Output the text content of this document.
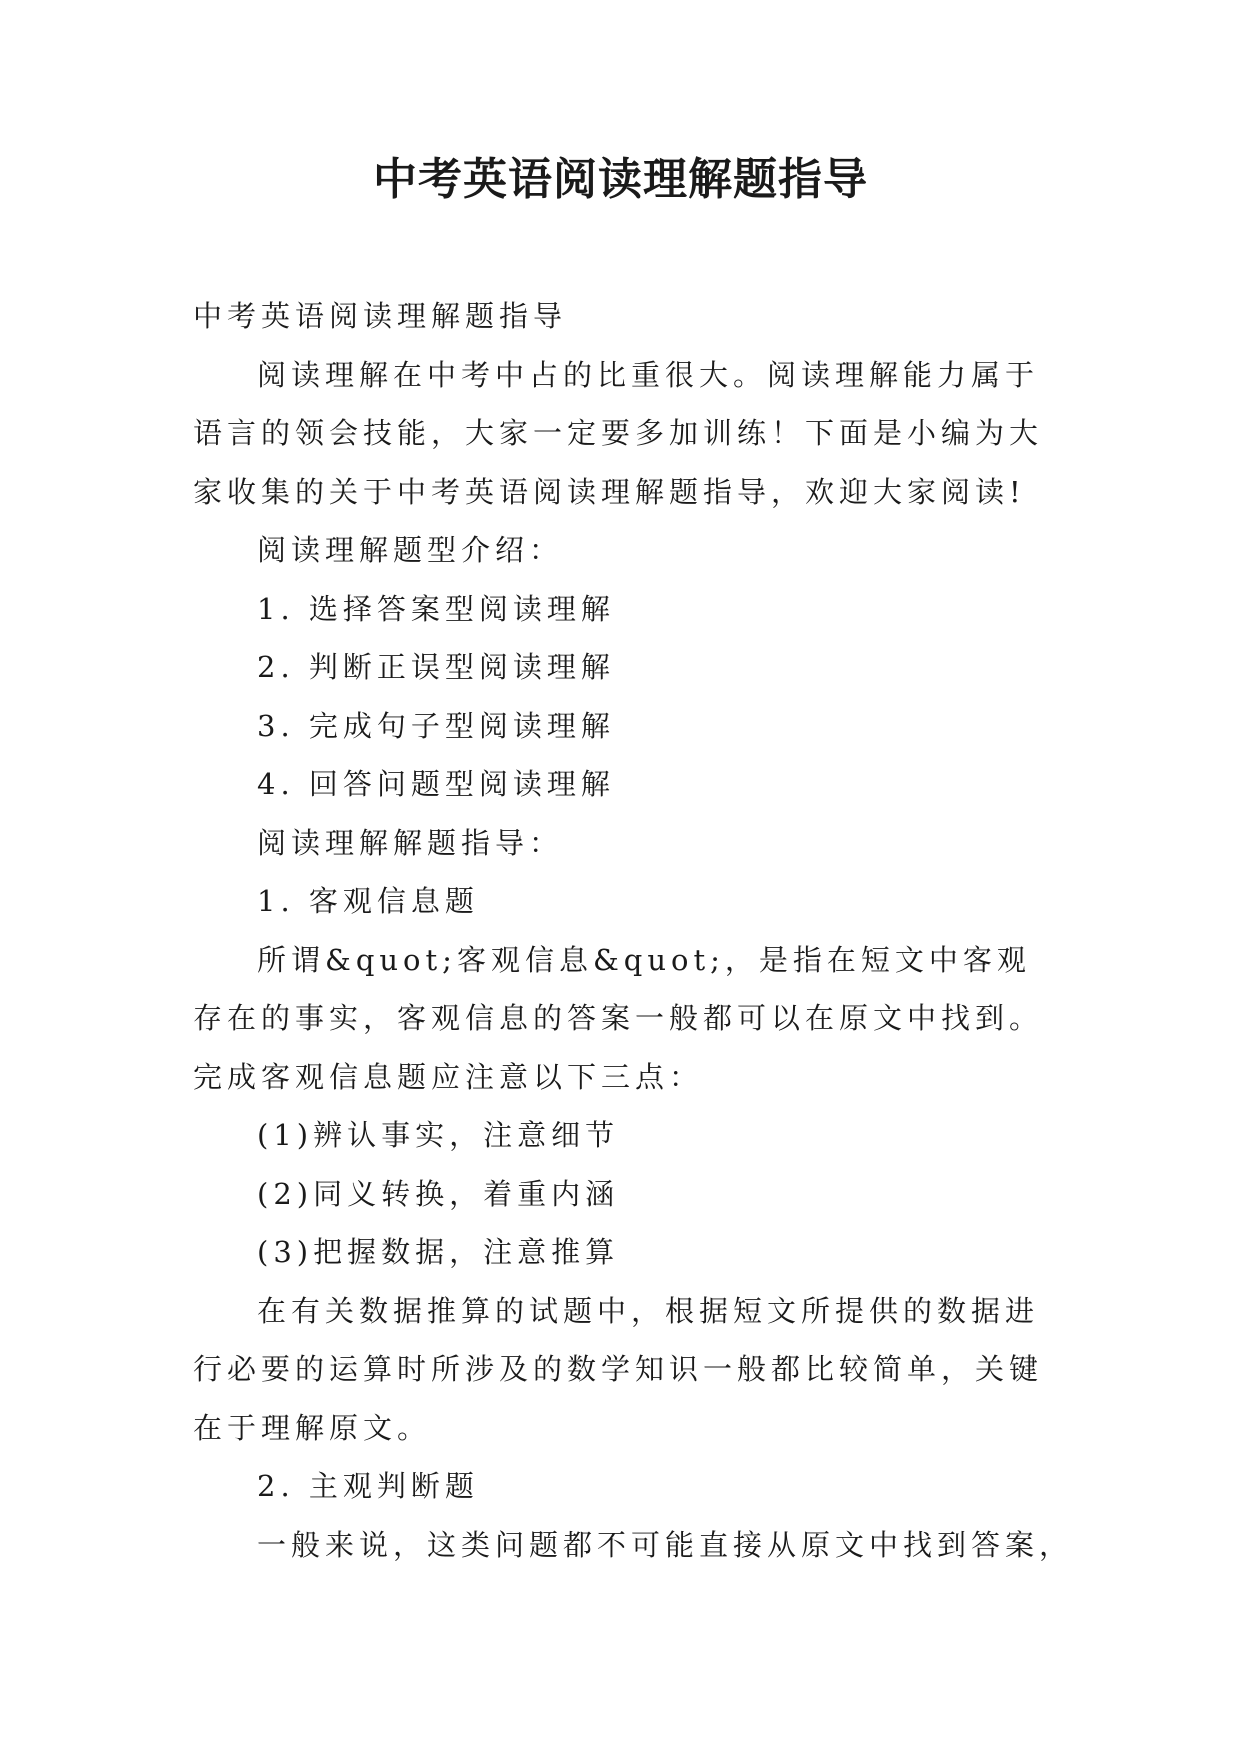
中考英语阅读理解题指导

中考英语阅读理解题指导

阅读理解在中考中占的比重很大。阅读理解能力属于语言的领会技能，大家一定要多加训练！下面是小编为大家收集的关于中考英语阅读理解题指导，欢迎大家阅读!

阅读理解题型介绍：

1. 选择答案型阅读理解

2. 判断正误型阅读理解

3. 完成句子型阅读理解

4. 回答问题型阅读理解

阅读理解解题指导：

1. 客观信息题

所谓&quot;客观信息&quot;，是指在短文中客观存在的事实，客观信息的答案一般都可以在原文中找到。完成客观信息题应注意以下三点：

(1)辨认事实，注意细节

(2)同义转换，着重内涵

(3)把握数据，注意推算

在有关数据推算的试题中，根据短文所提供的数据进行必要的运算时所涉及的数学知识一般都比较简单，关键在于理解原文。

2. 主观判断题

一般来说，这类问题都不可能直接从原文中找到答案，
